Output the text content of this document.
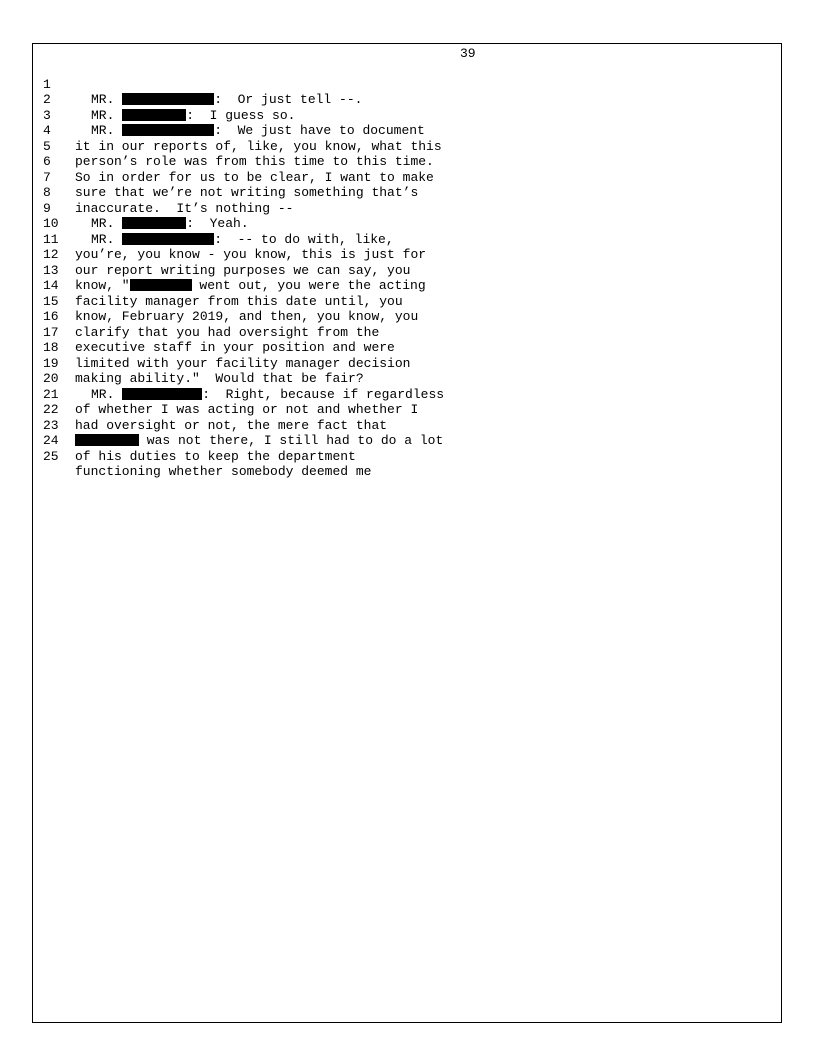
39

1

MR.	:  Or just tell --.

2

MR.	:  I guess so.

3

MR.	:  We just have to document

4

it in our reports of, like, you know, what this

5

person’s role was from this time to this time.

6

So in order for us to be clear, I want to make

7

sure that we’re not writing something that’s

8

inaccurate.  It’s nothing --

9

MR.	:  Yeah.

10

MR.	:  -- to do with, like,

11

you’re, you know - you know, this is just for

12

our report writing purposes we can say, you

13

know, "	went out, you were the acting

14

facility manager from this date until, you

15

know, February 2019, and then, you know, you

16

clarify that you had oversight from the

17

executive staff in your position and were

18

limited with your facility manager decision

19

making ability."  Would that be fair?

20

MR.	:  Right, because if regardless

21

of whether I was acting or not and whether I

22

had oversight or not, the mere fact that

23

was not there, I still had to do a lot

24

of his duties to keep the department

25

functioning whether somebody deemed me
